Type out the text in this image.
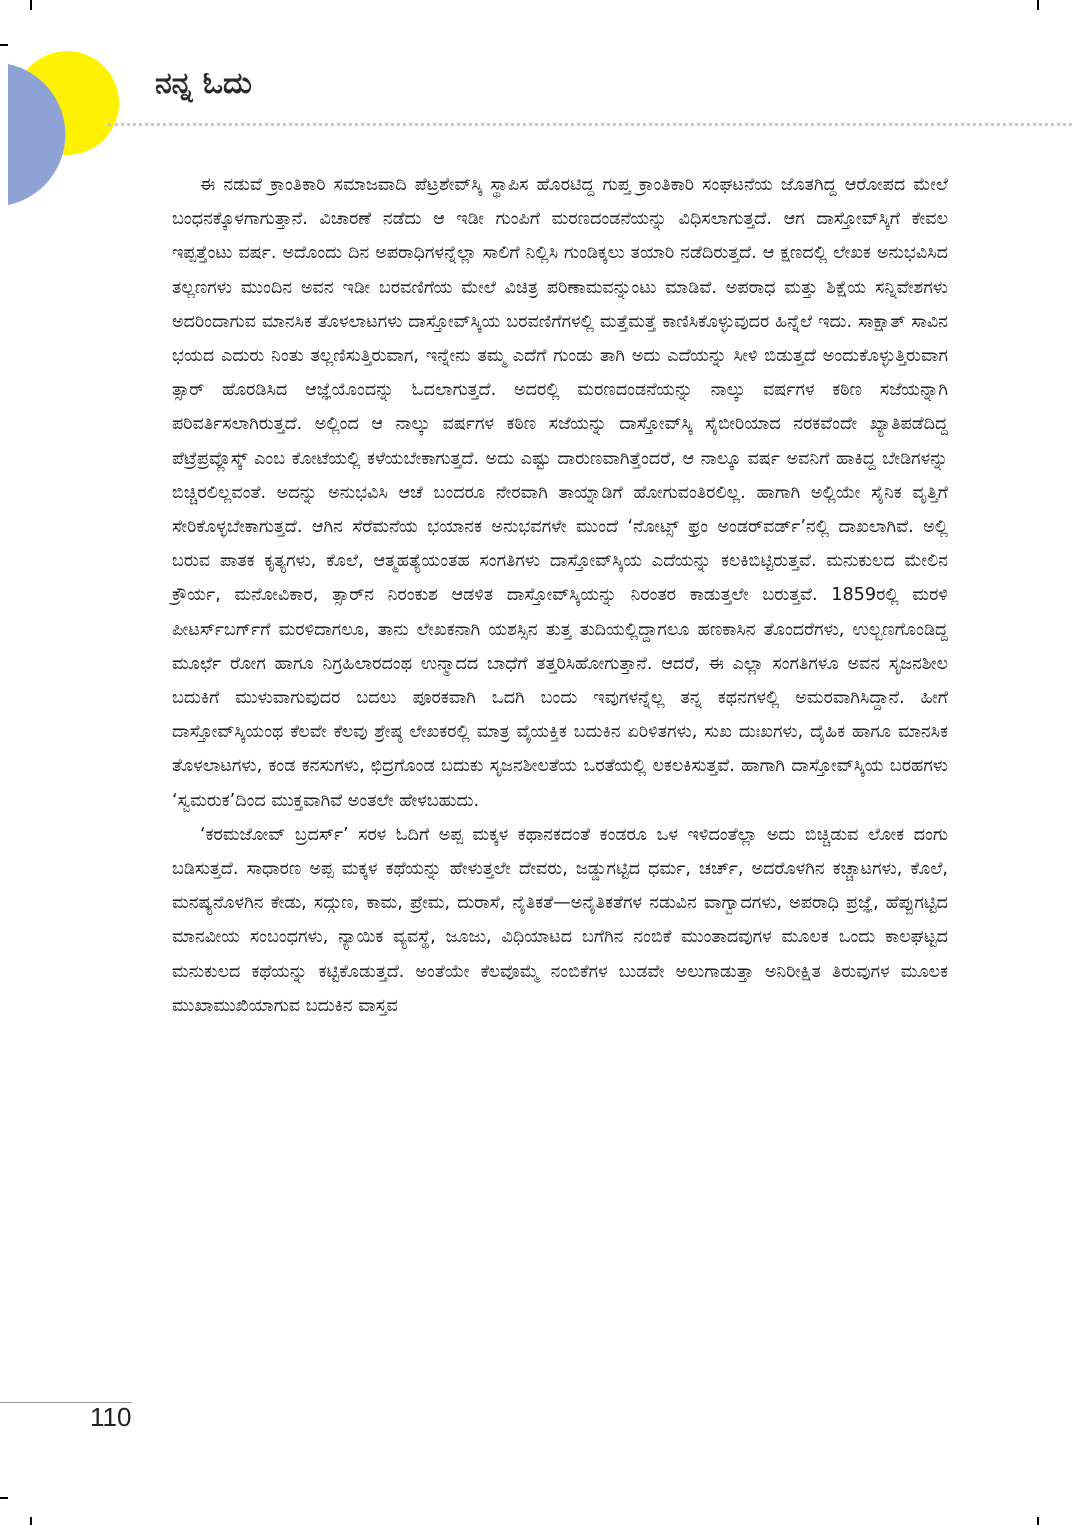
ನನ್ನ ಓದು

ಈ ನಡುವೆ ಕ್ರಾಂತಿಕಾರಿ ಸಮಾಜವಾದಿ ಪೆಟ್ರಶೇವ್‌ಸ್ಕಿ ಸ್ಥಾಪಿಸ ಹೊರಟಿದ್ದ ಗುಪ್ತ ಕ್ರಾಂತಿಕಾರಿ ಸಂಘಟನೆಯ ಜೊತಗಿದ್ದ ಆರೋಪದ ಮೇಲೆ ಬಂಧನಕ್ಕೊಳಗಾಗುತ್ತಾನೆ. ವಿಚಾರಣೆ ನಡೆದು ಆ ಇಡೀ ಗುಂಪಿಗೆ ಮರಣದಂಡನೆಯನ್ನು ವಿಧಿಸಲಾಗುತ್ತದೆ. ಆಗ ದಾಸ್ತೋವ್‌ಸ್ಕಿಗೆ ಕೇವಲ ಇಪ್ಪತ್ತೆಂಟು ವರ್ಷ. ಅದೊಂದು ದಿನ ಅಪರಾಧಿಗಳನ್ನೆಲ್ಲಾ ಸಾಲಿಗೆ ನಿಲ್ಲಿಸಿ ಗುಂಡಿಕ್ಕಲು ತಯಾರಿ ನಡೆದಿರುತ್ತದೆ. ಆ ಕ್ಷಣದಲ್ಲಿ ಲೇಖಕ ಅನುಭವಿಸಿದ ತಲ್ಲಣಗಳು ಮುಂದಿನ ಅವನ ಇಡೀ ಬರವಣಿಗೆಯ ಮೇಲೆ ವಿಚಿತ್ರ ಪರಿಣಾಮವನ್ನುಂಟು ಮಾಡಿವೆ. ಅಪರಾಧ ಮತ್ತು ಶಿಕ್ಷೆಯ ಸನ್ನಿವೇಶಗಳು ಅದರಿಂದಾಗುವ ಮಾನಸಿಕ ತೊಳಲಾಟಗಳು ದಾಸ್ತೋವ್‌ಸ್ಕಿಯ ಬರವಣಿಗೆಗಳಲ್ಲಿ ಮತ್ತೆಮತ್ತೆ ಕಾಣಿಸಿಕೊಳ್ಳುವುದರ ಹಿನ್ನೆಲೆ ಇದು. ಸಾಕ್ಷಾತ್ ಸಾವಿನ ಭಯದ ಎದುರು ನಿಂತು ತಲ್ಲಣಿಸುತ್ತಿರುವಾಗ, ಇನ್ನೇನು ತಮ್ಮ ಎದೆಗೆ ಗುಂಡು ತಾಗಿ ಅದು ಎದೆಯನ್ನು ಸೀಳಿ ಬಿಡುತ್ತದೆ ಅಂದುಕೊಳ್ಳುತ್ತಿರುವಾಗ ತ್ಸಾರ್ ಹೊರಡಿಸಿದ ಆಜ್ಞೆಯೊಂದನ್ನು ಓದಲಾಗುತ್ತದೆ. ಅದರಲ್ಲಿ ಮರಣದಂಡನೆಯನ್ನು ನಾಲ್ಕು ವರ್ಷಗಳ ಕಠಿಣ ಸಜೆಯನ್ನಾಗಿ ಪರಿವರ್ತಿಸಲಾಗಿರುತ್ತದೆ. ಅಲ್ಲಿಂದ ಆ ನಾಲ್ಕು ವರ್ಷಗಳ ಕಠಿಣ ಸಜೆಯನ್ನು ದಾಸ್ತೋವ್‌ಸ್ಕಿ ಸೈಬೀರಿಯಾದ ನರಕವೆಂದೇ ಖ್ಯಾತಿಪಡೆದಿದ್ದ ಪೆಟ್ರೆಪ್ರವ್ಲೊಸ್ಕ್ ಎಂಬ ಕೋಟೆಯಲ್ಲಿ ಕಳೆಯಬೇಕಾಗುತ್ತದೆ. ಅದು ಎಷ್ಟು ದಾರುಣವಾಗಿತ್ತೆಂದರೆ, ಆ ನಾಲ್ಕೂ ವರ್ಷ ಅವನಿಗೆ ಹಾಕಿದ್ದ ಬೇಡಿಗಳನ್ನು ಬಿಚ್ಚಿರಲಿಲ್ಲವಂತೆ. ಅದನ್ನು ಅನುಭವಿಸಿ ಆಚೆ ಬಂದರೂ ನೇರವಾಗಿ ತಾಯ್ನಾಡಿಗೆ ಹೋಗುವಂತಿರಲಿಲ್ಲ. ಹಾಗಾಗಿ ಅಲ್ಲಿಯೇ ಸೈನಿಕ ವೃತ್ತಿಗೆ ಸೇರಿಕೊಳ್ಳಬೇಕಾಗುತ್ತದೆ. ಆಗಿನ ಸೆರೆಮನೆಯ ಭಯಾನಕ ಅನುಭವಗಳೇ ಮುಂದೆ ‘ನೋಟ್ಸ್ ಫ್ರಂ ಅಂಡರ್‌ವರ್ಡ್’ನಲ್ಲಿ ದಾಖಲಾಗಿವೆ. ಅಲ್ಲಿ ಬರುವ ಪಾತಕ ಕೃತ್ಯಗಳು, ಕೊಲೆ, ಆತ್ಮಹತ್ಯೆಯಂತಹ ಸಂಗತಿಗಳು ದಾಸ್ತೋವ್‌ಸ್ಕಿಯ ಎದೆಯನ್ನು ಕಲಕಿಬಿಟ್ಟಿರುತ್ತವೆ. ಮನುಕುಲದ ಮೇಲಿನ ಕ್ರೌರ್ಯ, ಮನೋವಿಕಾರ, ತ್ಸಾರ್‌ನ ನಿರಂಕುಶ ಆಡಳಿತ ದಾಸ್ತೋವ್‌ಸ್ಕಿಯನ್ನು ನಿರಂತರ ಕಾಡುತ್ತಲೇ ಬರುತ್ತವೆ. 1859ರಲ್ಲಿ ಮರಳಿ ಪೀಟರ್ಸ್‌ಬರ್ಗ್‌ಗೆ ಮರಳಿದಾಗಲೂ, ತಾನು ಲೇಖಕನಾಗಿ ಯಶಸ್ಸಿನ ತುತ್ತ ತುದಿಯಲ್ಲಿದ್ದಾಗಲೂ ಹಣಕಾಸಿನ ತೊಂದರೆಗಳು, ಉಲ್ಬಣಗೊಂಡಿದ್ದ ಮೂರ್ಛೆ ರೋಗ ಹಾಗೂ ನಿಗ್ರಹಿಲಾರದಂಥ ಉನ್ಮಾದದ ಬಾಧೆಗೆ ತತ್ತರಿಸಿಹೋಗುತ್ತಾನೆ. ಆದರೆ, ಈ ಎಲ್ಲಾ ಸಂಗತಿಗಳೂ ಅವನ ಸೃಜನಶೀಲ ಬದುಕಿಗೆ ಮುಳುವಾಗುವುದರ ಬದಲು ಪೂರಕವಾಗಿ ಒದಗಿ ಬಂದು ಇವುಗಳನ್ನೆಲ್ಲ ತನ್ನ ಕಥನಗಳಲ್ಲಿ ಅಮರವಾಗಿಸಿದ್ದಾನೆ. ಹೀಗೆ ದಾಸ್ತೋವ್‌ಸ್ಕಿಯಂಥ ಕೆಲವೇ ಕೆಲವು ಶ್ರೇಷ್ಠ ಲೇಖಕರಲ್ಲಿ ಮಾತ್ರ ವೈಯಕ್ತಿಕ ಬದುಕಿನ ಏರಿಳಿತಗಳು, ಸುಖ ದುಃಖಗಳು, ದೈಹಿಕ ಹಾಗೂ ಮಾನಸಿಕ ತೊಳಲಾಟಗಳು, ಕಂಡ ಕನಸುಗಳು, ಛಿದ್ರಗೊಂಡ ಬದುಕು ಸೃಜನಶೀಲತೆಯ ಒರತೆಯಲ್ಲಿ ಲಕಲಕಿಸುತ್ತವೆ. ಹಾಗಾಗಿ ದಾಸ್ತೋವ್‌ಸ್ಕಿಯ ಬರಹಗಳು ‘ಸ್ವಮರುಕ’ದಿಂದ ಮುಕ್ತವಾಗಿವೆ ಅಂತಲೇ ಹೇಳಬಹುದು.

‘ಕರಮಜೋವ್ ಬ್ರದರ್ಸ್’ ಸರಳ ಓದಿಗೆ ಅಪ್ಪ ಮಕ್ಕಳ ಕಥಾನಕದಂತೆ ಕಂಡರೂ ಒಳ ಇಳಿದಂತೆಲ್ಲಾ ಅದು ಬಿಚ್ಚಿಡುವ ಲೋಕ ದಂಗು ಬಡಿಸುತ್ತದೆ. ಸಾಧಾರಣ ಅಪ್ಪ ಮಕ್ಕಳ ಕಥೆಯನ್ನು ಹೇಳುತ್ತಲೇ ದೇವರು, ಜಡ್ಡುಗಟ್ಟಿದ ಧರ್ಮ, ಚರ್ಚ್, ಅದರೊಳಗಿನ ಕಚ್ಚಾಟಗಳು, ಕೊಲೆ, ಮನಷ್ಯನೊಳಗಿನ ಕೇಡು, ಸದ್ಗುಣ, ಕಾಮ, ಪ್ರೇಮ, ದುರಾಸೆ, ನೈತಿಕತೆ—ಅನೈತಿಕತೆಗಳ ನಡುವಿನ ವಾಗ್ವಾದಗಳು, ಅಪರಾಧಿ ಪ್ರಜ್ಞೆ, ಹೆಪ್ಪುಗಟ್ಟಿದ ಮಾನವೀಯ ಸಂಬಂಧಗಳು, ನ್ಯಾಯಿಕ ವ್ಯವಸ್ಥೆ, ಜೂಜು, ವಿಧಿಯಾಟದ ಬಗೆಗಿನ ನಂಬಿಕೆ ಮುಂತಾದವುಗಳ ಮೂಲಕ ಒಂದು ಕಾಲಘಟ್ಟದ ಮನುಕುಲದ ಕಥೆಯನ್ನು ಕಟ್ಟಿಕೊಡುತ್ತದೆ. ಅಂತೆಯೇ ಕೆಲವೊಮ್ಮೆ ನಂಬಿಕೆಗಳ ಬುಡವೇ ಅಲುಗಾಡುತ್ತಾ ಅನಿರೀಕ್ಷಿತ ತಿರುವುಗಳ ಮೂಲಕ ಮುಖಾಮುಖಿಯಾಗುವ ಬದುಕಿನ ವಾಸ್ತವ

110
